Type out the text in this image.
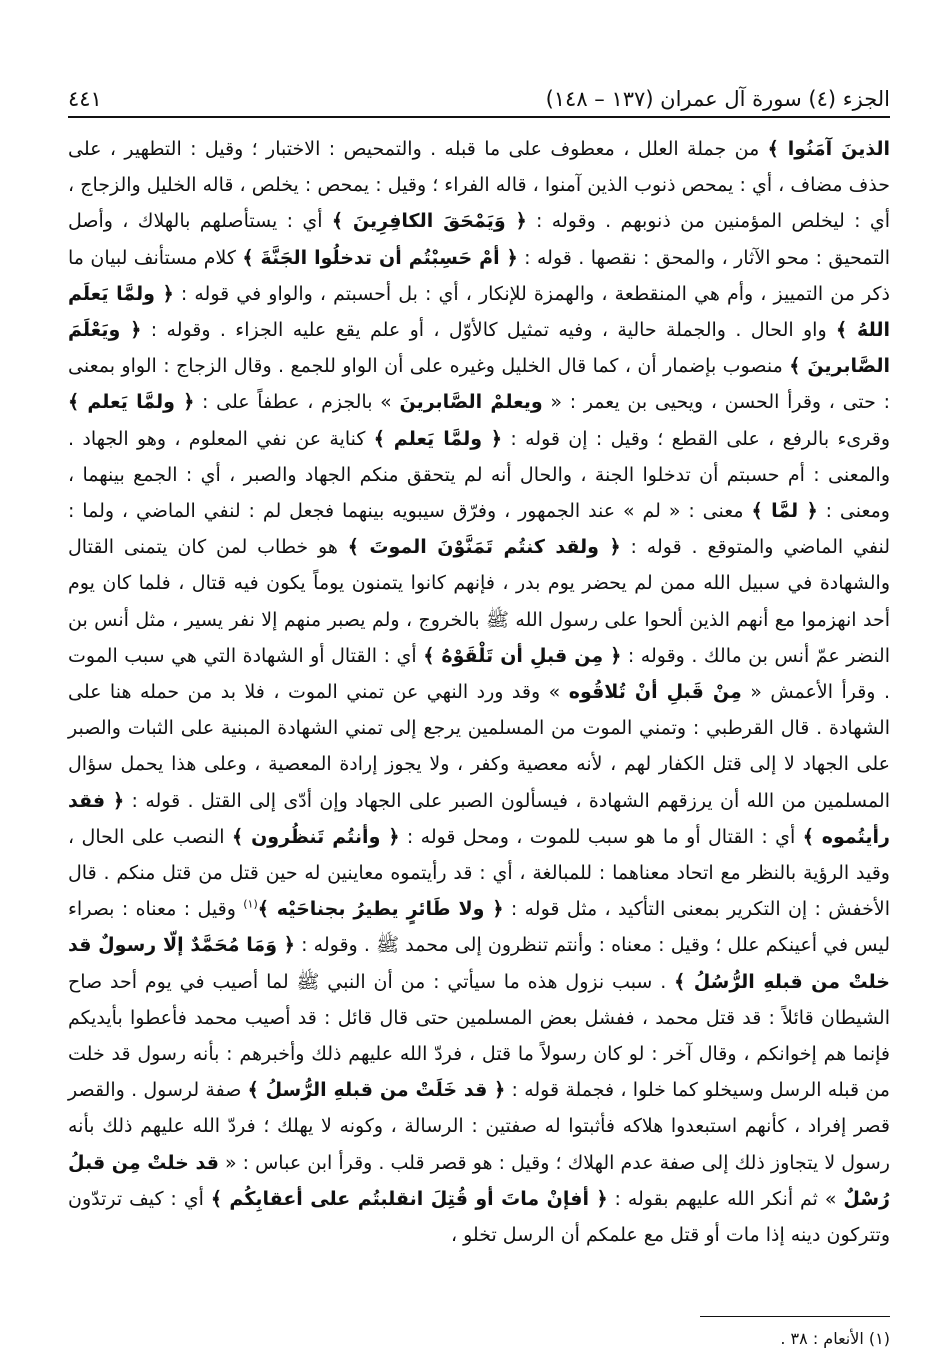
الجزء (٤) سورة آل عمران (١٣٧ – ١٤٨)
٤٤١

الذينَ آمَنُوا ﴾ من جملة العلل ، معطوف على ما قبله . والتمحيص : الاختبار ؛ وقيل : التطهير ، على حذف مضاف ، أي : يمحص ذنوب الذين آمنوا ، قاله الفراء ؛ وقيل : يمحص : يخلص ، قاله الخليل والزجاج ، أي : ليخلص المؤمنين من ذنوبهم . وقوله : ﴿ وَيَمْحَقَ الكافِرِينَ ﴾ أي : يستأصلهم بالهلاك ، وأصل التمحيق : محو الآثار ، والمحق : نقصها . قوله : ﴿ أمْ حَسِبْتُم أن تدخلُوا الجَنَّةَ ﴾ كلام مستأنف لبيان ما ذكر من التمييز ، وأم هي المنقطعة ، والهمزة للإنكار ، أي : بل أحسبتم ، والواو في قوله : ﴿ ولمَّا يَعلَم اللهُ ﴾ واو الحال . والجملة حالية ، وفيه تمثيل كالأوّل ، أو علم يقع عليه الجزاء . وقوله : ﴿ ويَعْلَمَ الصَّابرينَ ﴾ منصوب بإضمار أن ، كما قال الخليل وغيره على أن الواو للجمع . وقال الزجاج : الواو بمعنى : حتى ، وقرأ الحسن ، ويحيى بن يعمر : « ويعلمْ الصَّابرينَ » بالجزم ، عطفاً على : ﴿ ولمَّا يَعلم ﴾ وقرىء بالرفع ، على القطع ؛ وقيل : إن قوله : ﴿ ولمَّا يَعلم ﴾ كناية عن نفي المعلوم ، وهو الجهاد . والمعنى : أم حسبتم أن تدخلوا الجنة ، والحال أنه لم يتحقق منكم الجهاد والصبر ، أي : الجمع بينهما ، ومعنى : ﴿ لمَّا ﴾ معنى : « لم » عند الجمهور ، وفرّق سيبويه بينهما فجعل لم : لنفي الماضي ، ولما : لنفي الماضي والمتوقع . قوله : ﴿ ولقد كنتُم تَمَنَّوْنَ الموتَ ﴾ هو خطاب لمن كان يتمنى القتال والشهادة في سبيل الله ممن لم يحضر يوم بدر ، فإنهم كانوا يتمنون يوماً يكون فيه قتال ، فلما كان يوم أحد انهزموا مع أنهم الذين ألحوا على رسول الله ﷺ بالخروج ، ولم يصبر منهم إلا نفر يسير ، مثل أنس بن النضر عمّ أنس بن مالك . وقوله : ﴿ مِن قبلِ أن تَلْقَوْهُ ﴾ أي : القتال أو الشهادة التي هي سبب الموت . وقرأ الأعمش « مِنْ قَبلِ أنْ تُلاقُوه » وقد ورد النهي عن تمني الموت ، فلا بد من حمله هنا على الشهادة . قال القرطبي : وتمني الموت من المسلمين يرجع إلى تمني الشهادة المبنية على الثبات والصبر على الجهاد لا إلى قتل الكفار لهم ، لأنه معصية وكفر ، ولا يجوز إرادة المعصية ، وعلى هذا يحمل سؤال المسلمين من الله أن يرزقهم الشهادة ، فيسألون الصبر على الجهاد وإن أدّى إلى القتل . قوله : ﴿ فقد رأيتُموه ﴾ أي : القتال أو ما هو سبب للموت ، ومحل قوله : ﴿ وأنتُم تَنظُرون ﴾ النصب على الحال ، وقيد الرؤية بالنظر مع اتحاد معناهما : للمبالغة ، أي : قد رأيتموه معاينين له حين قتل من قتل منكم . قال الأخفش : إن التكرير بمعنى التأكيد ، مثل قوله : ﴿ ولا طَائرٍ يطيرُ بجناحَيْه ﴾$^{(١)}$ وقيل : معناه : بصراء ليس في أعينكم علل ؛ وقيل : معناه : وأنتم تنظرون إلى محمد ﷺ . وقوله : ﴿ وَمَا مُحَمَّدٌ إلّا رسولٌ قد خلتْ من قبلهِ الرُّسُلُ ﴾ . سبب نزول هذه ما سيأتي : من أن النبي ﷺ لما أصيب في يوم أحد صاح الشيطان قائلاً : قد قتل محمد ، ففشل بعض المسلمين حتى قال قائل : قد أصيب محمد فأعطوا بأيديكم فإنما هم إخوانكم ، وقال آخر : لو كان رسولاً ما قتل ، فردّ الله عليهم ذلك وأخبرهم : بأنه رسول قد خلت من قبله الرسل وسيخلو كما خلوا ، فجملة قوله : ﴿ قد خَلَتْ من قبلهِ الرُّسلُ ﴾ صفة لرسول . والقصر قصر إفراد ، كأنهم استبعدوا هلاكه فأثبتوا له صفتين : الرسالة ، وكونه لا يهلك ؛ فردّ الله عليهم ذلك بأنه رسول لا يتجاوز ذلك إلى صفة عدم الهلاك ؛ وقيل : هو قصر قلب . وقرأ ابن عباس : « قد خلتْ مِن قبلُ رُسْلٌ » ثم أنكر الله عليهم بقوله : ﴿ أفإنْ ماتَ أو قُتِلَ انقلبتُم على أعقابِكُم ﴾ أي : كيف ترتدّون وتتركون دينه إذا مات أو قتل مع علمكم أن الرسل تخلو ،

(١) الأنعام : ٣٨ .
